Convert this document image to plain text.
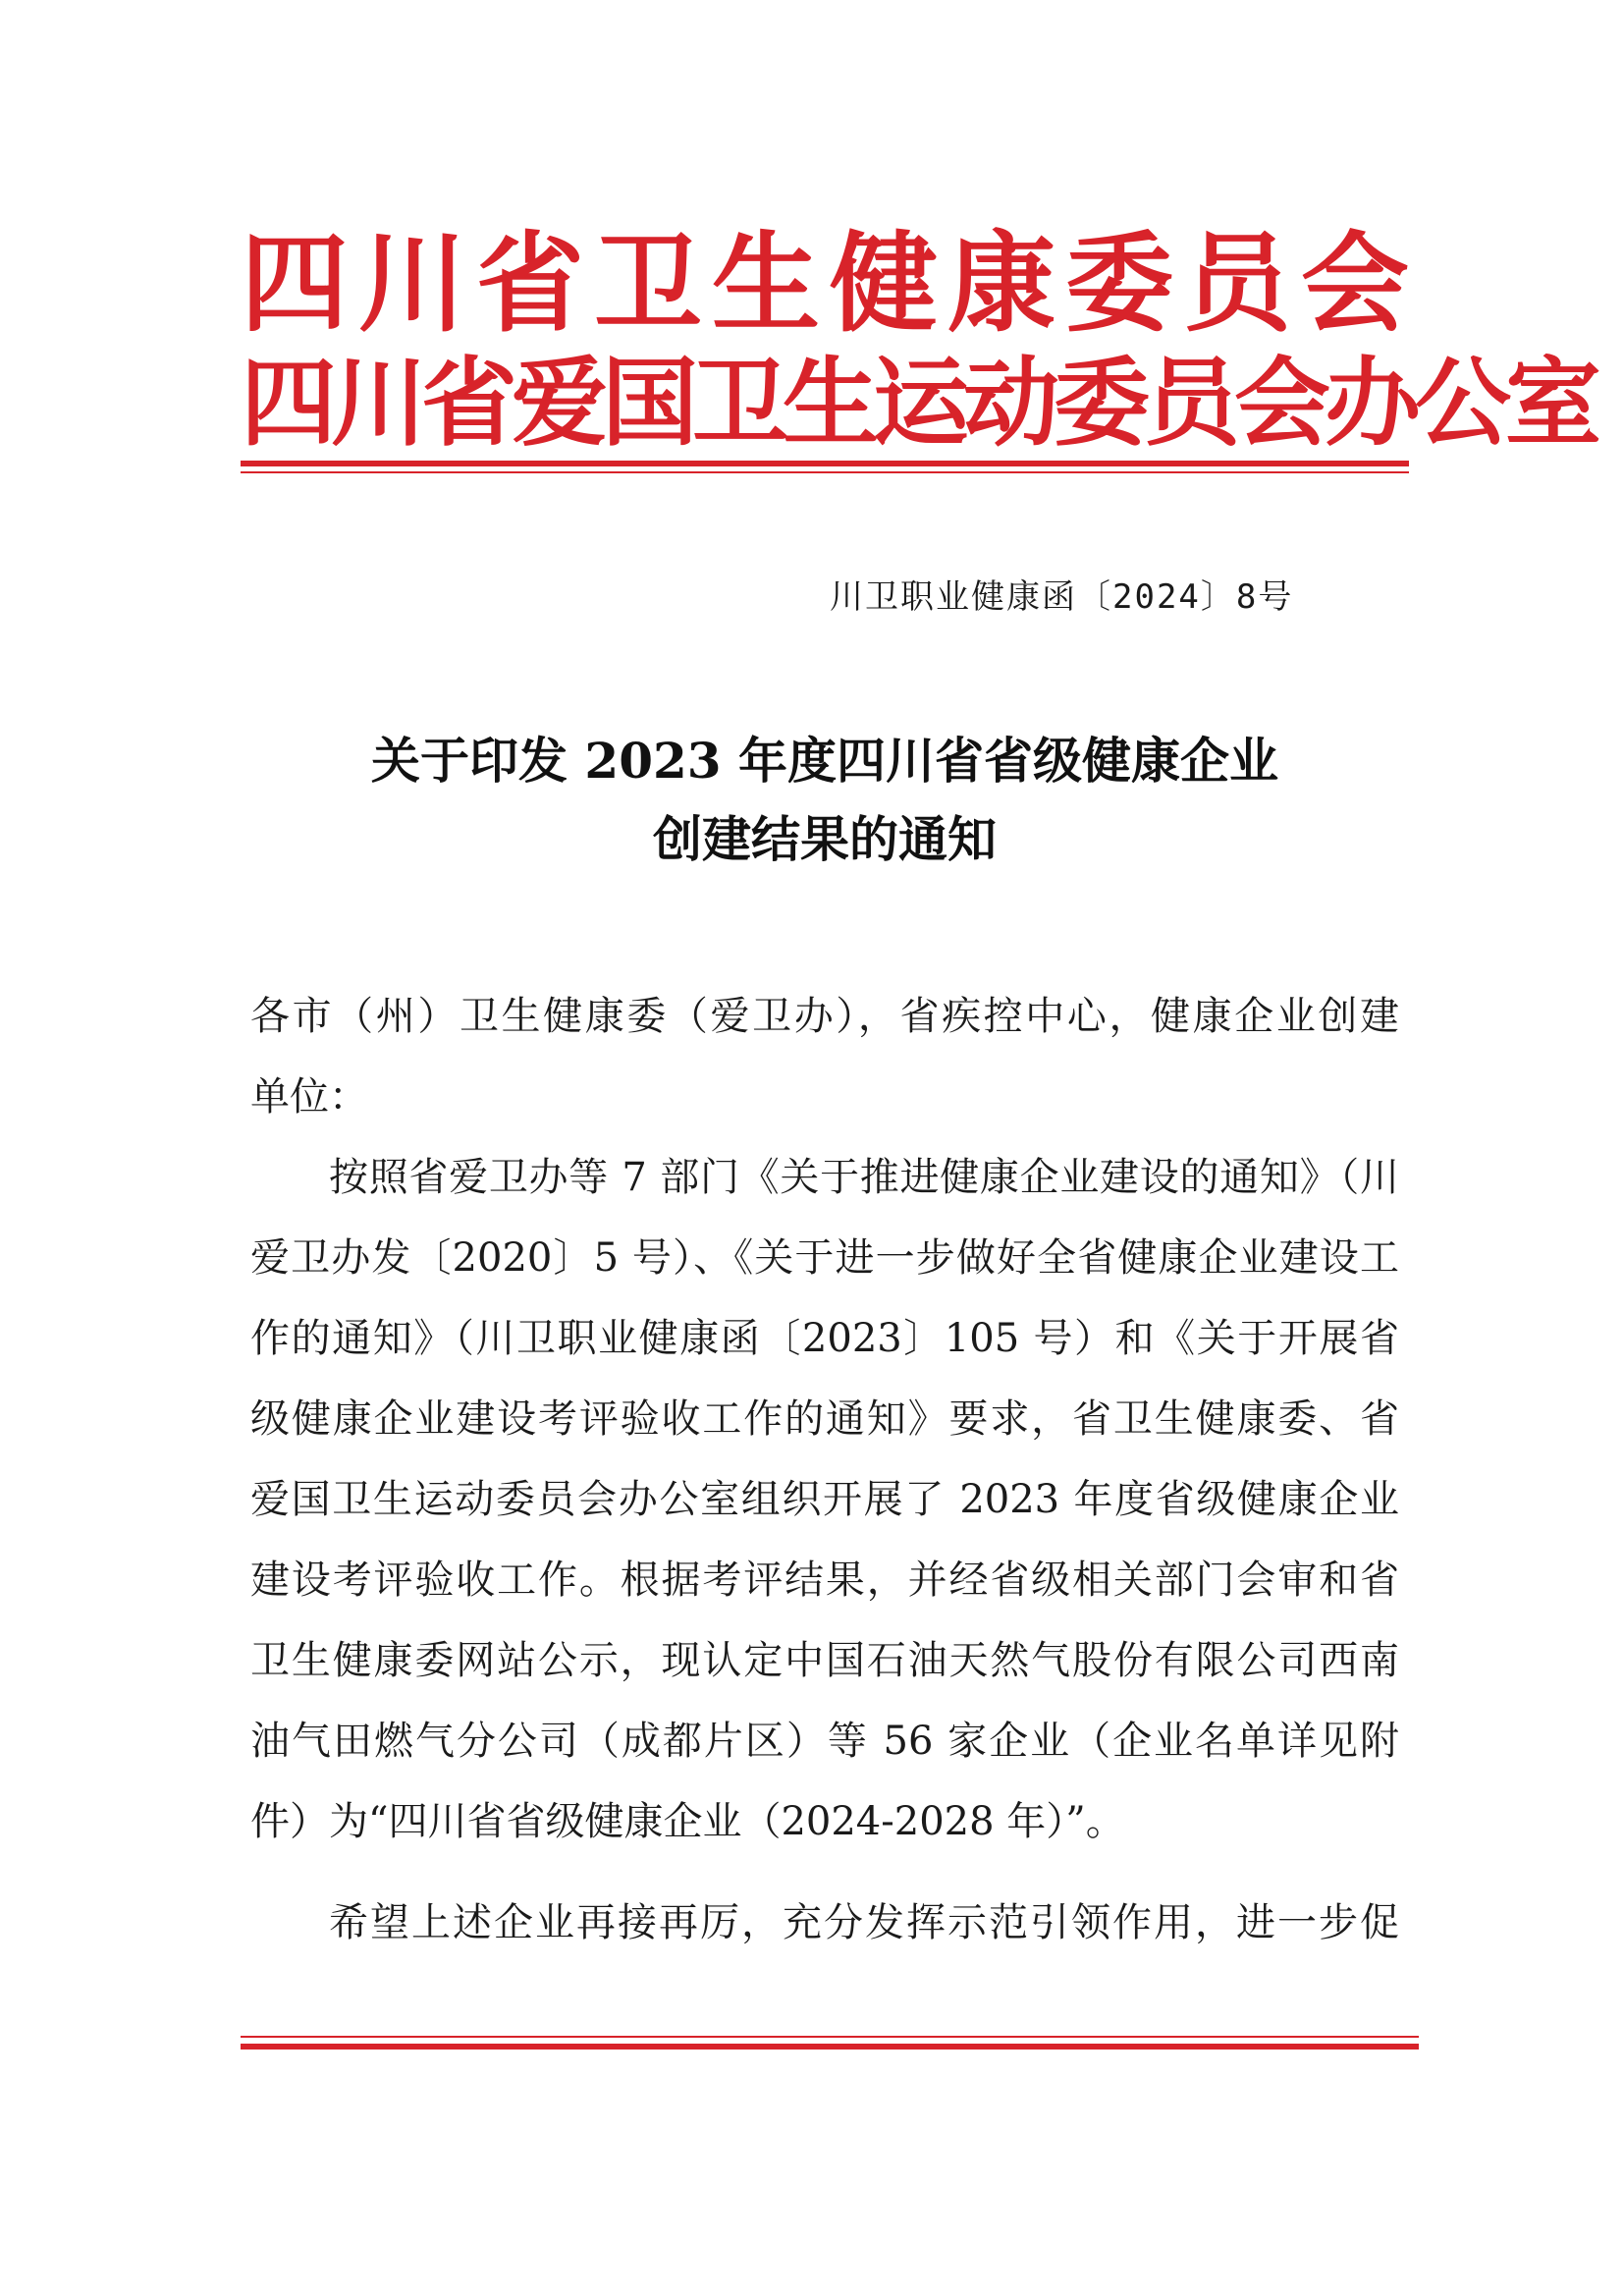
四川省卫生健康委员会
四川省爱国卫生运动委员会办公室
川卫职业健康函〔2024〕8号
关于印发 2023 年度四川省省级健康企业
创建结果的通知
各市（州）卫生健康委（爱卫办），省疾控中心，健康企业创建
单位：
按照省爱卫办等 7 部门《关于推进健康企业建设的通知》（川
爱卫办发〔2020〕5 号）、《关于进一步做好全省健康企业建设工
作的通知》（川卫职业健康函〔2023〕105 号）和《关于开展省
级健康企业建设考评验收工作的通知》要求，省卫生健康委、省
爱国卫生运动委员会办公室组织开展了 2023 年度省级健康企业
建设考评验收工作。根据考评结果，并经省级相关部门会审和省
卫生健康委网站公示，现认定中国石油天然气股份有限公司西南
油气田燃气分公司（成都片区）等 56 家企业（企业名单详见附
件）为“四川省省级健康企业（2024-2028 年）”。
希望上述企业再接再厉，充分发挥示范引领作用，进一步促
